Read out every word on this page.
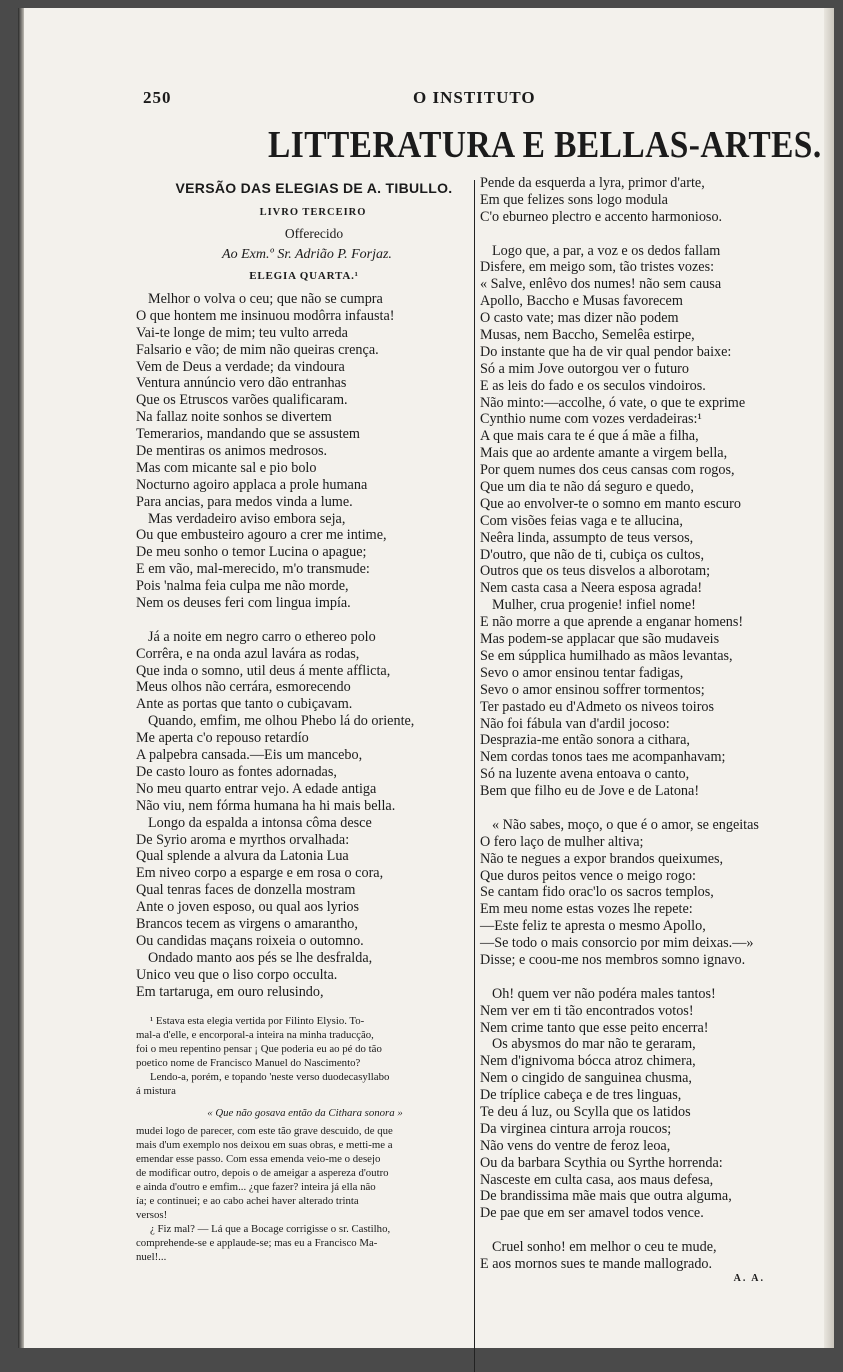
250	O INSTITUTO
LITTERATURA E BELLAS-ARTES.
VERSÃO DAS ELEGIAS DE A. TIBULLO.
LIVRO TERCEIRO
Offerecido
Ao Exm.º Sr. Adrião P. Forjaz.
ELEGIA QUARTA.¹
Melhor o volva o ceu; que não se cumpra
O que hontem me insinuou modôrra infausta!
Vai-te longe de mim; teu vulto arreda
Falsario e vão; de mim não queiras crença.
Vem de Deus a verdade; da vindoura
Ventura annúncio vero dão entranhas
Que os Etruscos varões qualificaram.
Na fallaz noite sonhos se divertem
Temerarios, mandando que se assustem
De mentiras os animos medrosos.
Mas com micante sal e pio bolo
Nocturno agoiro applaca a prole humana
Para ancias, para medos vinda a lume.
Mas verdadeiro aviso embora seja,
Ou que embusteiro agouro a crer me intime,
De meu sonho o temor Lucina o apague;
E em vão, mal-merecido, m'o transmude:
Pois 'nalma feia culpa me não morde,
Nem os deuses feri com lingua impía.
Já a noite em negro carro o ethereo polo
Corrêra, e na onda azul lavára as rodas,
Que inda o somno, util deus á mente afflicta,
Meus olhos não cerrára, esmorecendo
Ante as portas que tanto o cubiçavam.
Quando, emfim, me olhou Phebo lá do oriente,
Me aperta c'o repouso retardío
A palpebra cansada.—Eis um mancebo,
De casto louro as fontes adornadas,
No meu quarto entrar vejo. A edade antiga
Não viu, nem fórma humana ha hi mais bella.
Longo da espalda a intonsa côma desce
De Syrio aroma e myrthos orvalhada:
Qual splende a alvura da Latonia Lua
Em niveo corpo a esparge e em rosa o cora,
Qual tenras faces de donzella mostram
Ante o joven esposo, ou qual aos lyrios
Brancos tecem as virgens o amarantho,
Ou candidas maçans roixeia o outomno.
Ondado manto aos pés se lhe desfralda,
Unico veu que o liso corpo occulta.
Em tartaruga, em ouro relusindo,
¹ Estava esta elegia vertida por Filinto Elysio. To-
mal-a d'elle, e encorporal-a inteira na minha traducção,
foi o meu repentino pensar ¡ Que poderia eu ao pé do tão
poetico nome de Francisco Manuel do Nascimento?
Lendo-a, porém, e topando 'neste verso duodecasyllabo
á mistura
« Que não gosava então da Cithara sonora »
mudei logo de parecer, com este tão grave descuido, de que
mais d'um exemplo nos deixou em suas obras, e metti-me a
emendar esse passo. Com essa emenda veio-me o desejo
de modificar outro, depois o de ameigar a aspereza d'outro
e ainda d'outro e emfim... ¿que fazer? inteira já ella não
ía; e continuei; e ao cabo achei haver alterado trinta
versos!
¿ Fiz mal? — Lá que a Bocage corrigisse o sr. Castilho,
comprehende-se e applaude-se; mas eu a Francisco Ma-
nuel!...
Pende da esquerda a lyra, primor d'arte,
Em que felizes sons logo modula
C'o eburneo plectro e accento harmonioso.
Logo que, a par, a voz e os dedos fallam
Disfere, em meigo som, tão tristes vozes:
« Salve, enlêvo dos numes! não sem causa
Apollo, Baccho e Musas favorecem
O casto vate; mas dizer não podem
Musas, nem Baccho, Semelêa estirpe,
Do instante que ha de vir qual pendor baixe:
Só a mim Jove outorgou ver o futuro
E as leis do fado e os seculos vindoiros.
Não minto:—accolhe, ó vate, o que te exprime
Cynthio nume com vozes verdadeiras:¹
A que mais cara te é que á mãe a filha,
Mais que ao ardente amante a virgem bella,
Por quem numes dos ceus cansas com rogos,
Que um dia te não dá seguro e quedo,
Que ao envolver-te o somno em manto escuro
Com visões feias vaga e te allucina,
Neêra linda, assumpto de teus versos,
D'outro, que não de ti, cubiça os cultos,
Outros que os teus disvelos a alborotam;
Nem casta casa a Neera esposa agrada!
Mulher, crua progenie! infiel nome!
E não morre a que aprende a enganar homens!
Mas podem-se applacar que são mudaveis
Se em súpplica humilhado as mãos levantas,
Sevo o amor ensinou tentar fadigas,
Sevo o amor ensinou soffrer tormentos;
Ter pastado eu d'Admeto os niveos toiros
Não foi fábula van d'ardil jocoso:
Desprazia-me então sonora a cithara,
Nem cordas tonos taes me acompanhavam;
Só na luzente avena entoava o canto,
Bem que filho eu de Jove e de Latona!
« Não sabes, moço, o que é o amor, se engeitas
O fero laço de mulher altiva;
Não te negues a expor brandos queixumes,
Que duros peitos vence o meigo rogo:
Se cantam fido orac'lo os sacros templos,
Em meu nome estas vozes lhe repete:
—Este feliz te apresta o mesmo Apollo,
—Se todo o mais consorcio por mim deixas.—»
Disse; e coou-me nos membros somno ignavo.
Oh! quem ver não podéra males tantos!
Nem ver em ti tão encontrados votos!
Nem crime tanto que esse peito encerra!
Os abysmos do mar não te geraram,
Nem d'ignivoma bócca atroz chimera,
Nem o cingido de sanguinea chusma,
De tríplice cabeça e de tres linguas,
Te deu á luz, ou Scylla que os latidos
Da virginea cintura arroja roucos;
Não vens do ventre de feroz leoa,
Ou da barbara Scythia ou Syrthe horrenda:
Nasceste em culta casa, aos maus defesa,
De brandissima mãe mais que outra alguma,
De pae que em ser amavel todos vence.
Cruel sonho! em melhor o ceu te mude,
E aos mornos sues te mande mallogrado.
A. A.
